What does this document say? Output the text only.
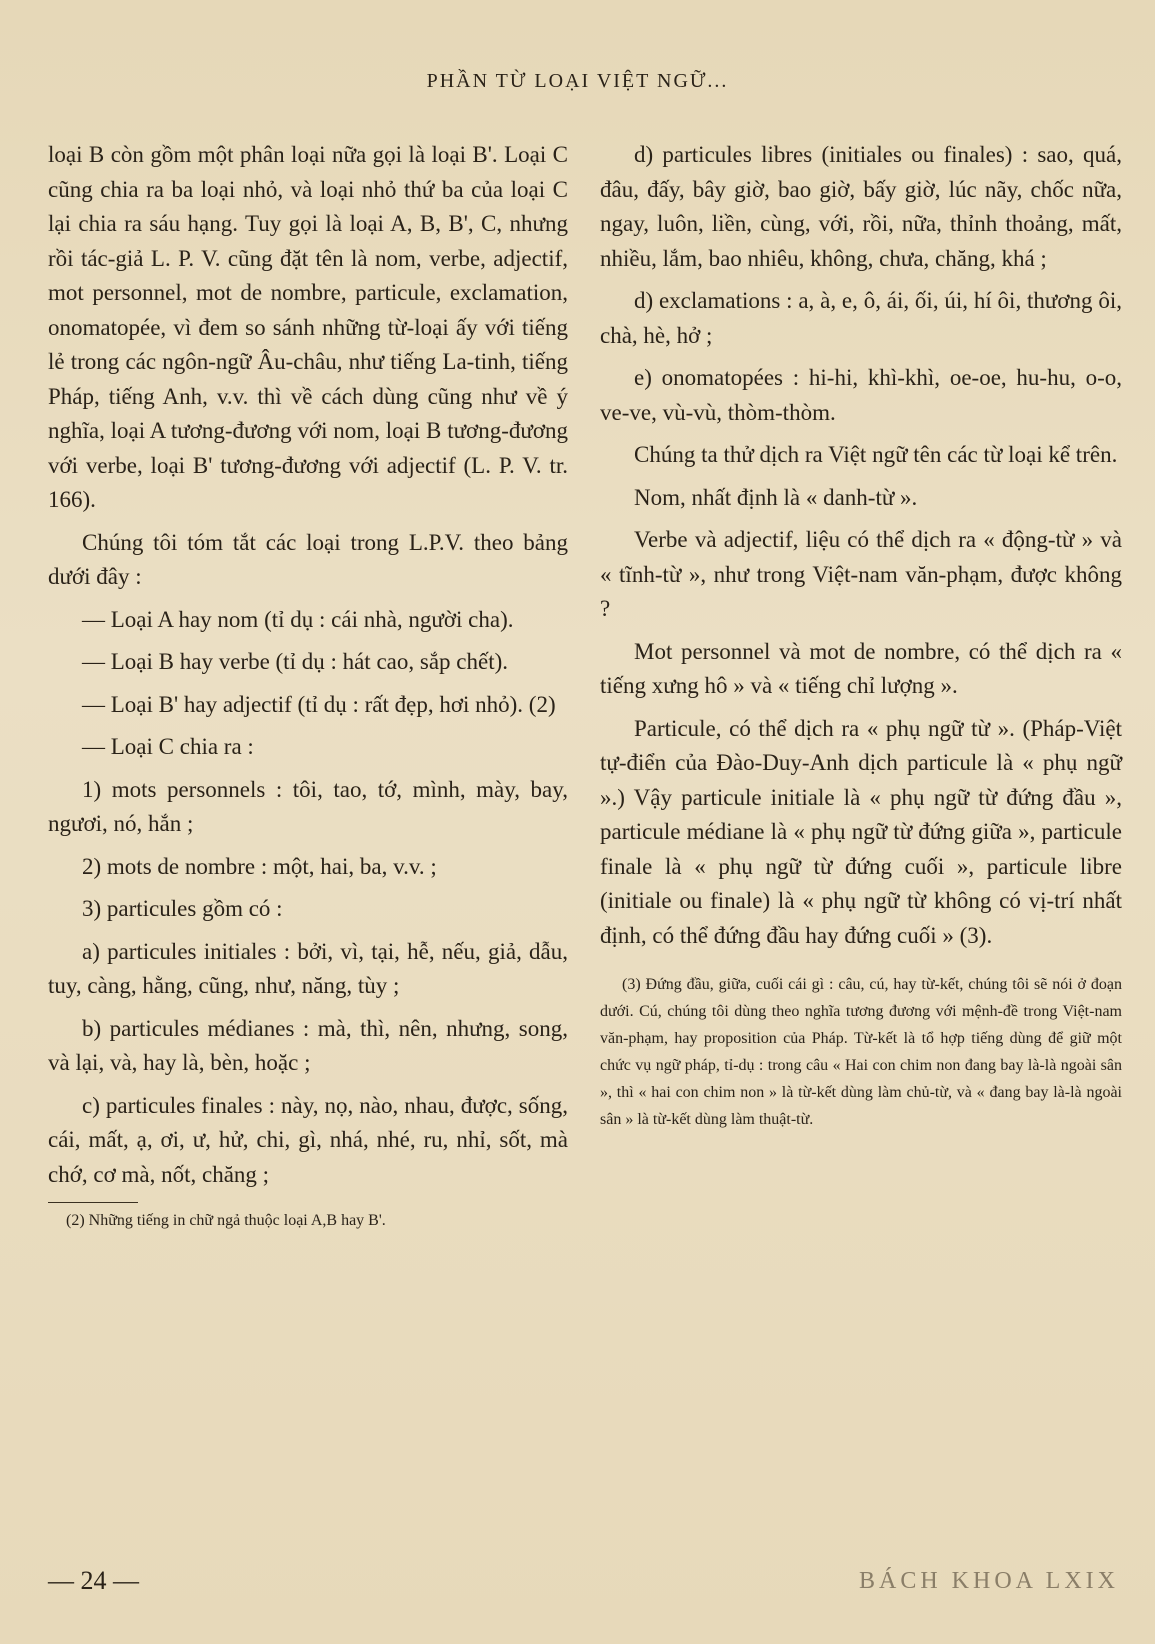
PHẦN TỪ LOẠI VIỆT NGỮ...

loại B còn gồm một phân loại nữa gọi là loại B'. Loại C cũng chia ra ba loại nhỏ, và loại nhỏ thứ ba của loại C lại chia ra sáu hạng. Tuy gọi là loại A, B, B', C, nhưng rồi tác-giả L. P. V. cũng đặt tên là nom, verbe, adjectif, mot personnel, mot de nombre, particule, exclamation, onomatopée, vì đem so sánh những từ-loại ấy với tiếng lẻ trong các ngôn-ngữ Âu-châu, như tiếng La-tinh, tiếng Pháp, tiếng Anh, v.v. thì về cách dùng cũng như về ý nghĩa, loại A tương-đương với nom, loại B tương-đương với verbe, loại B' tương-đương với adjectif (L. P. V. tr. 166).

Chúng tôi tóm tắt các loại trong L.P.V. theo bảng dưới đây :

— Loại A hay nom (tỉ dụ : cái nhà, người cha).

— Loại B hay verbe (tỉ dụ : hát cao, sắp chết).

— Loại B' hay adjectif (tỉ dụ : rất đẹp, hơi nhỏ). (2)

— Loại C chia ra :

1) mots personnels : tôi, tao, tớ, mình, mày, bay, ngươi, nó, hắn ;

2) mots de nombre : một, hai, ba, v.v. ;

3) particules gồm có :

a) particules initiales : bởi, vì, tại, hễ, nếu, giả, dẫu, tuy, càng, hằng, cũng, như, năng, tùy ;

b) particules médianes : mà, thì, nên, nhưng, song, và lại, và, hay là, bèn, hoặc ;

c) particules finales : này, nọ, nào, nhau, được, sống, cái, mất, ạ, ơi, ư, hử, chi, gì, nhá, nhé, ru, nhỉ, sốt, mà chớ, cơ mà, nốt, chăng ;

(2) Những tiếng in chữ ngả thuộc loại A,B hay B'.

d) particules libres (initiales ou finales) : sao, quá, đâu, đấy, bây giờ, bao giờ, bấy giờ, lúc nãy, chốc nữa, ngay, luôn, liền, cùng, với, rồi, nữa, thỉnh thoảng, mất, nhiều, lắm, bao nhiêu, không, chưa, chăng, khá ;

d) exclamations : a, à, e, ô, ái, ối, úi, hí ôi, thương ôi, chà, hè, hở ;

e) onomatopées : hi-hi, khì-khì, oe-oe, hu-hu, o-o, ve-ve, vù-vù, thòm-thòm.

Chúng ta thử dịch ra Việt ngữ tên các từ loại kể trên.

Nom, nhất định là « danh-từ ».

Verbe và adjectif, liệu có thể dịch ra « động-từ » và « tĩnh-từ », như trong Việt-nam văn-phạm, được không ?

Mot personnel và mot de nombre, có thể dịch ra « tiếng xưng hô » và « tiếng chỉ lượng ».

Particule, có thể dịch ra « phụ ngữ từ ». (Pháp-Việt tự-điển của Đào-Duy-Anh dịch particule là « phụ ngữ ».) Vậy particule initiale là « phụ ngữ từ đứng đầu », particule médiane là « phụ ngữ từ đứng giữa », particule finale là « phụ ngữ từ đứng cuối », particule libre (initiale ou finale) là « phụ ngữ từ không có vị-trí nhất định, có thể đứng đầu hay đứng cuối » (3).

(3) Đứng đầu, giữa, cuối cái gì : câu, cú, hay từ-kết, chúng tôi sẽ nói ở đoạn dưới. Cú, chúng tôi dùng theo nghĩa tương đương với mệnh-đề trong Việt-nam văn-phạm, hay proposition của Pháp. Từ-kết là tổ hợp tiếng dùng để giữ một chức vụ ngữ pháp, tỉ-dụ : trong câu « Hai con chim non đang bay là-là ngoài sân », thì « hai con chim non » là từ-kết dùng làm chủ-từ, và « đang bay là-là ngoài sân » là từ-kết dùng làm thuật-từ.
— 24 —	BÁCH KHOA LXIX
